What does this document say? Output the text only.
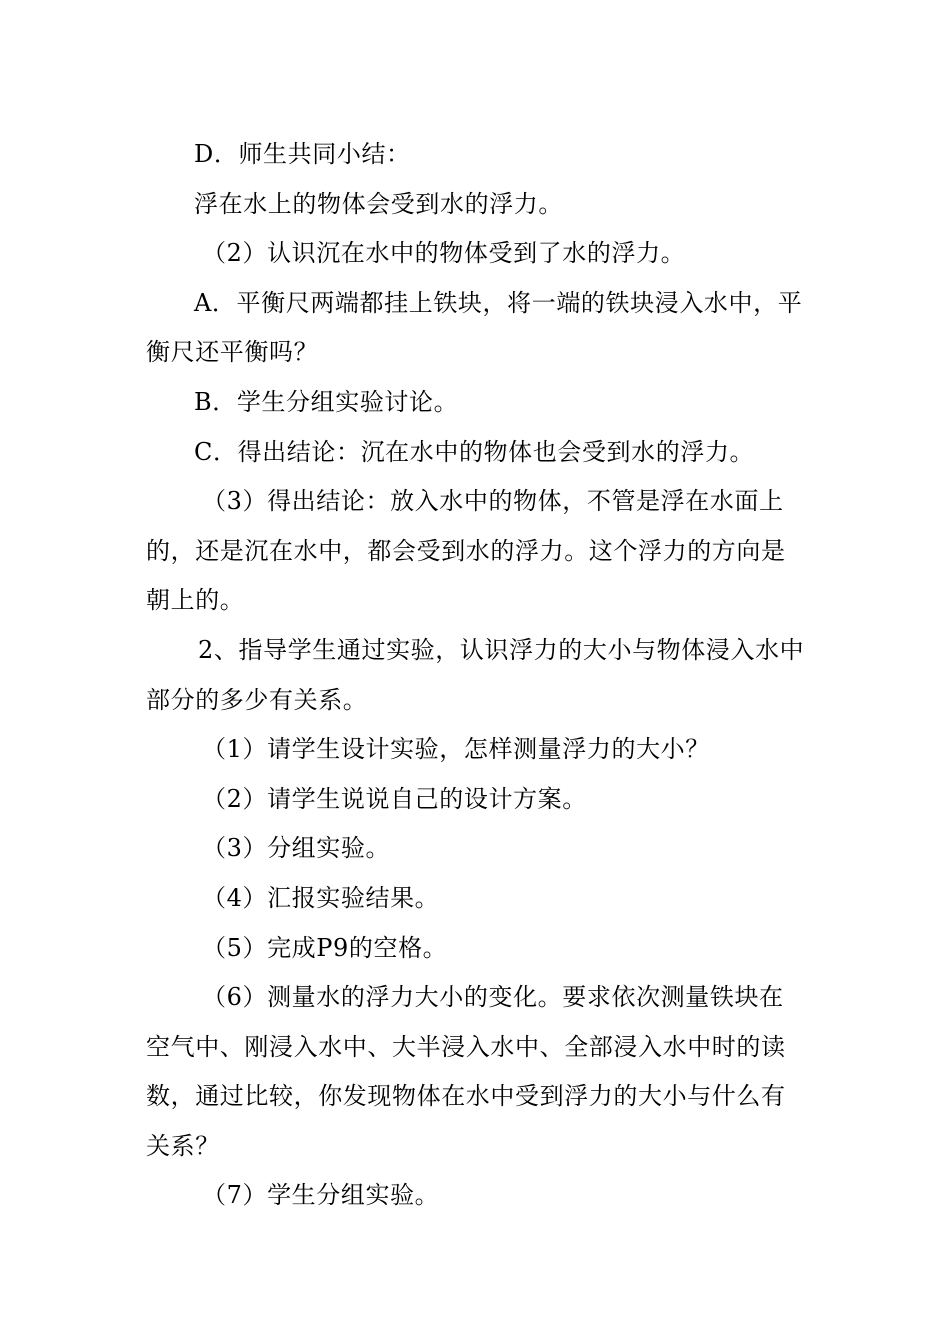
D．师生共同小结：

浮在水上的物体会受到水的浮力。

（2）认识沉在水中的物体受到了水的浮力。

A．平衡尺两端都挂上铁块，将一端的铁块浸入水中，平衡尺还平衡吗？

B．学生分组实验讨论。

C．得出结论：沉在水中的物体也会受到水的浮力。

（3）得出结论：放入水中的物体，不管是浮在水面上的，还是沉在水中，都会受到水的浮力。这个浮力的方向是朝上的。

2、指导学生通过实验，认识浮力的大小与物体浸入水中部分的多少有关系。

（1）请学生设计实验，怎样测量浮力的大小？

（2）请学生说说自己的设计方案。

（3）分组实验。

（4）汇报实验结果。

（5）完成P9的空格。

（6）测量水的浮力大小的变化。要求依次测量铁块在空气中、刚浸入水中、大半浸入水中、全部浸入水中时的读数，通过比较，你发现物体在水中受到浮力的大小与什么有关系？

（7）学生分组实验。
